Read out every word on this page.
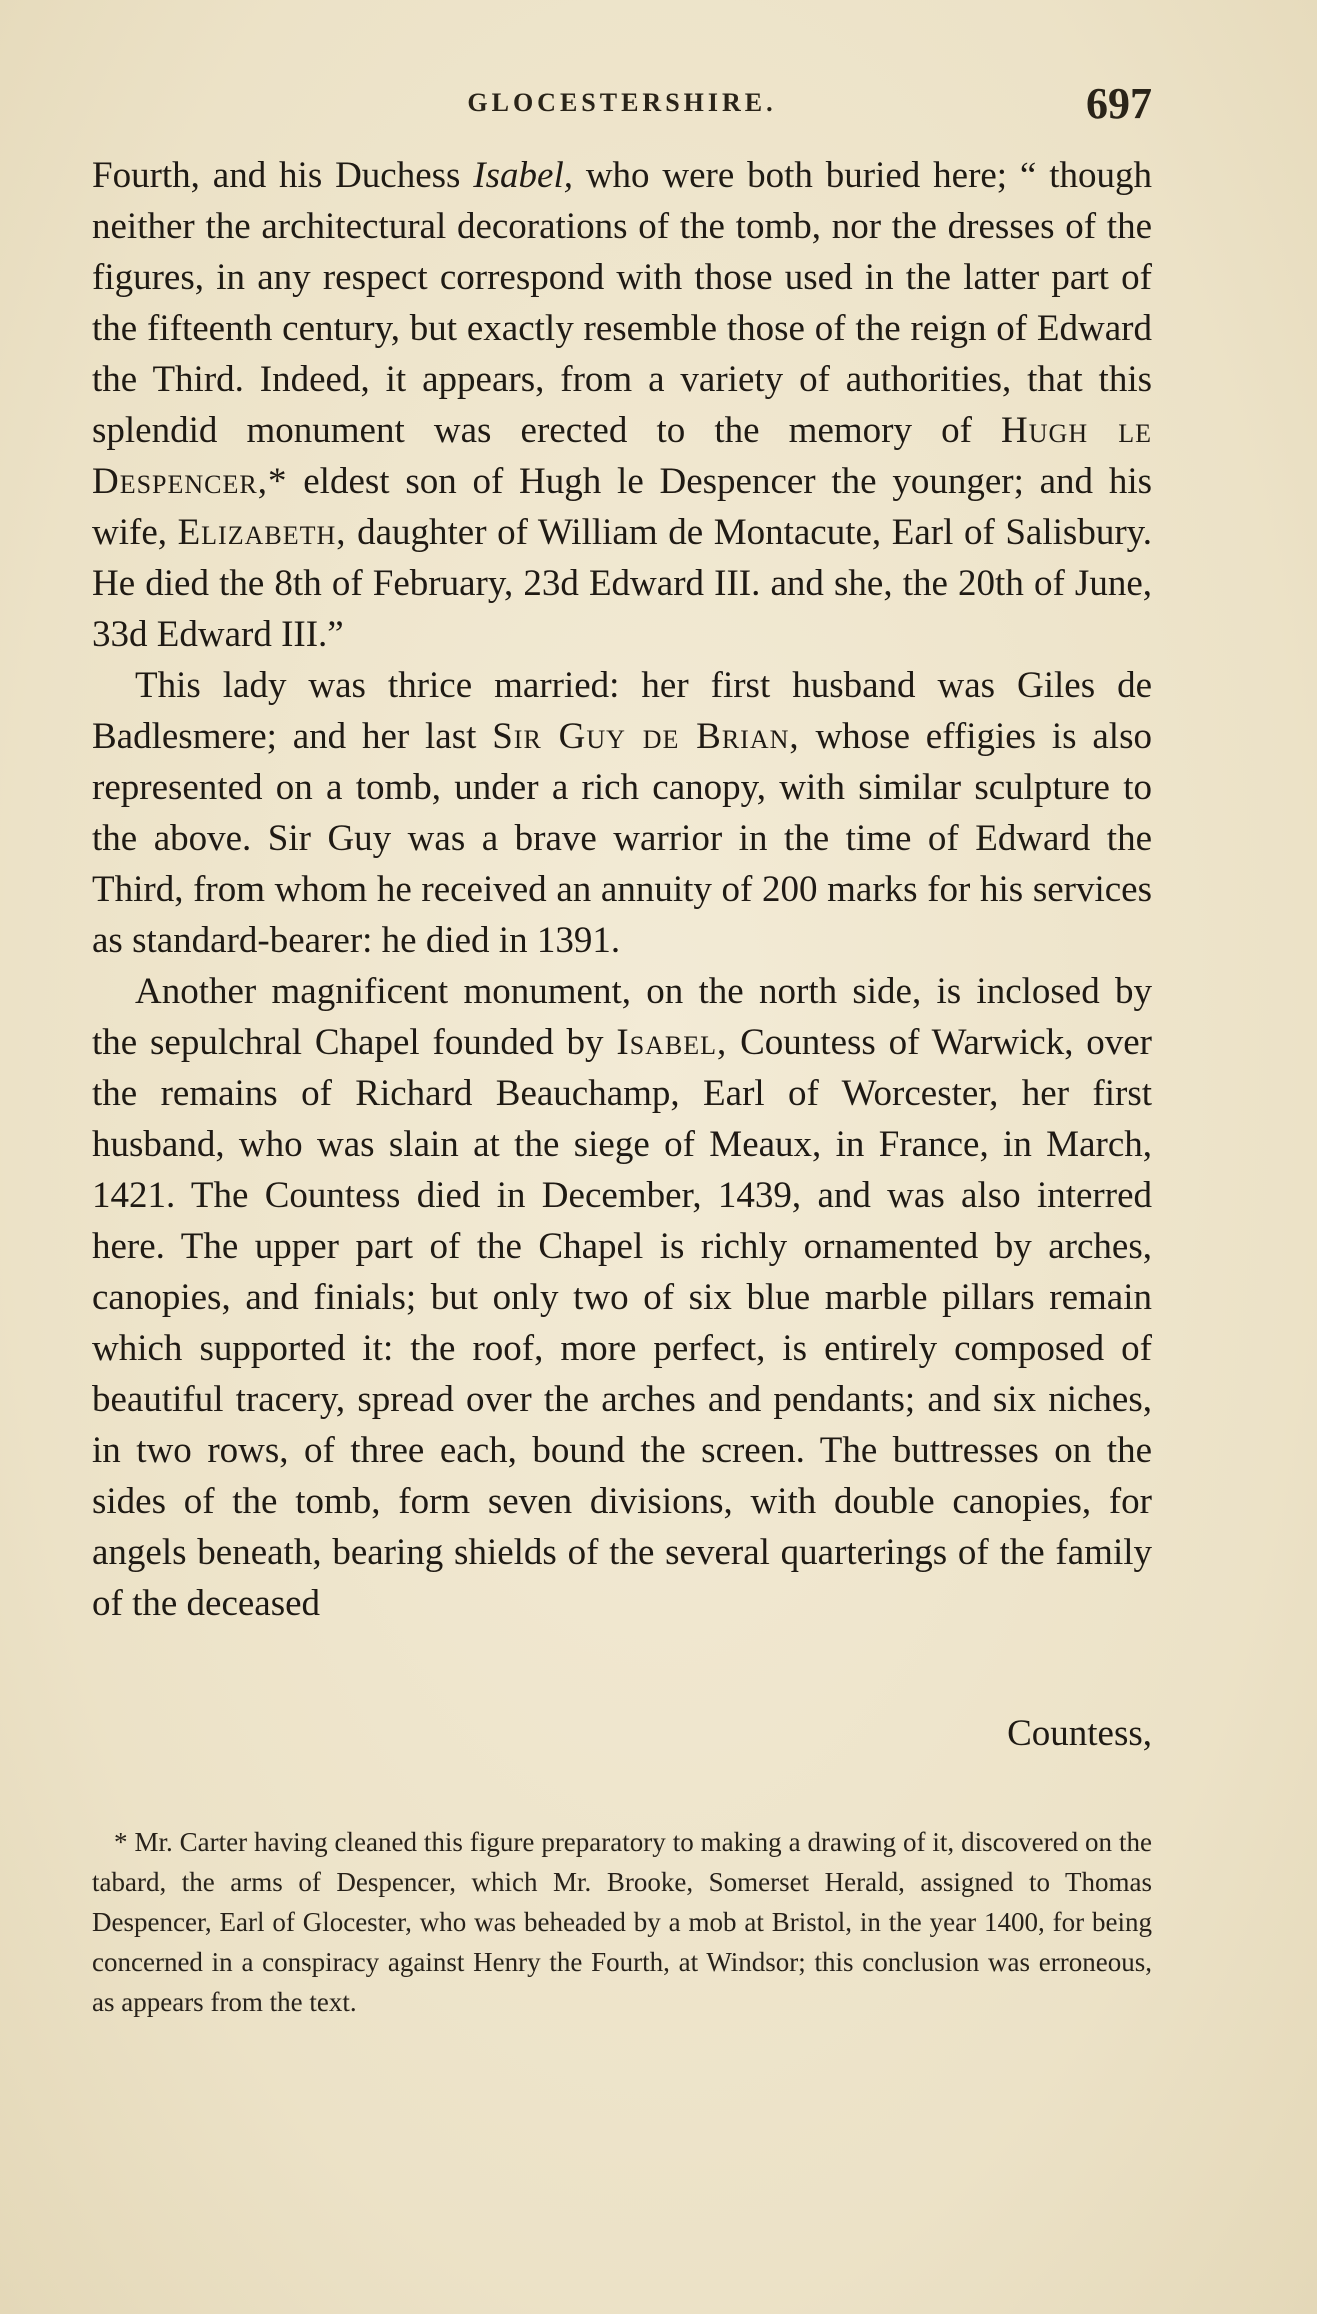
GLOCESTERSHIRE.	697

Fourth, and his Duchess Isabel, who were both buried here; “ though neither the architectural decorations of the tomb, nor the dresses of the figures, in any respect correspond with those used in the latter part of the fifteenth century, but exactly resemble those of the reign of Edward the Third. Indeed, it appears, from a variety of authorities, that this splendid monument was erected to the memory of Hugh le Despencer,* eldest son of Hugh le Despencer the younger; and his wife, Elizabeth, daughter of William de Montacute, Earl of Salisbury. He died the 8th of February, 23d Edward III. and she, the 20th of June, 33d Edward III.”

This lady was thrice married: her first husband was Giles de Badlesmere; and her last Sir Guy de Brian, whose effigies is also represented on a tomb, under a rich canopy, with similar sculpture to the above. Sir Guy was a brave warrior in the time of Edward the Third, from whom he received an annuity of 200 marks for his services as standard-bearer: he died in 1391.

Another magnificent monument, on the north side, is inclosed by the sepulchral Chapel founded by Isabel, Countess of Warwick, over the remains of Richard Beauchamp, Earl of Worcester, her first husband, who was slain at the siege of Meaux, in France, in March, 1421. The Countess died in December, 1439, and was also interred here. The upper part of the Chapel is richly ornamented by arches, canopies, and finials; but only two of six blue marble pillars remain which supported it: the roof, more perfect, is entirely composed of beautiful tracery, spread over the arches and pendants; and six niches, in two rows, of three each, bound the screen. The buttresses on the sides of the tomb, form seven divisions, with double canopies, for angels beneath, bearing shields of the several quarterings of the family of the deceased

Countess,
* Mr. Carter having cleaned this figure preparatory to making a drawing of it, discovered on the tabard, the arms of Despencer, which Mr. Brooke, Somerset Herald, assigned to Thomas Despencer, Earl of Glocester, who was beheaded by a mob at Bristol, in the year 1400, for being concerned in a conspiracy against Henry the Fourth, at Windsor; this conclusion was erroneous, as appears from the text.
